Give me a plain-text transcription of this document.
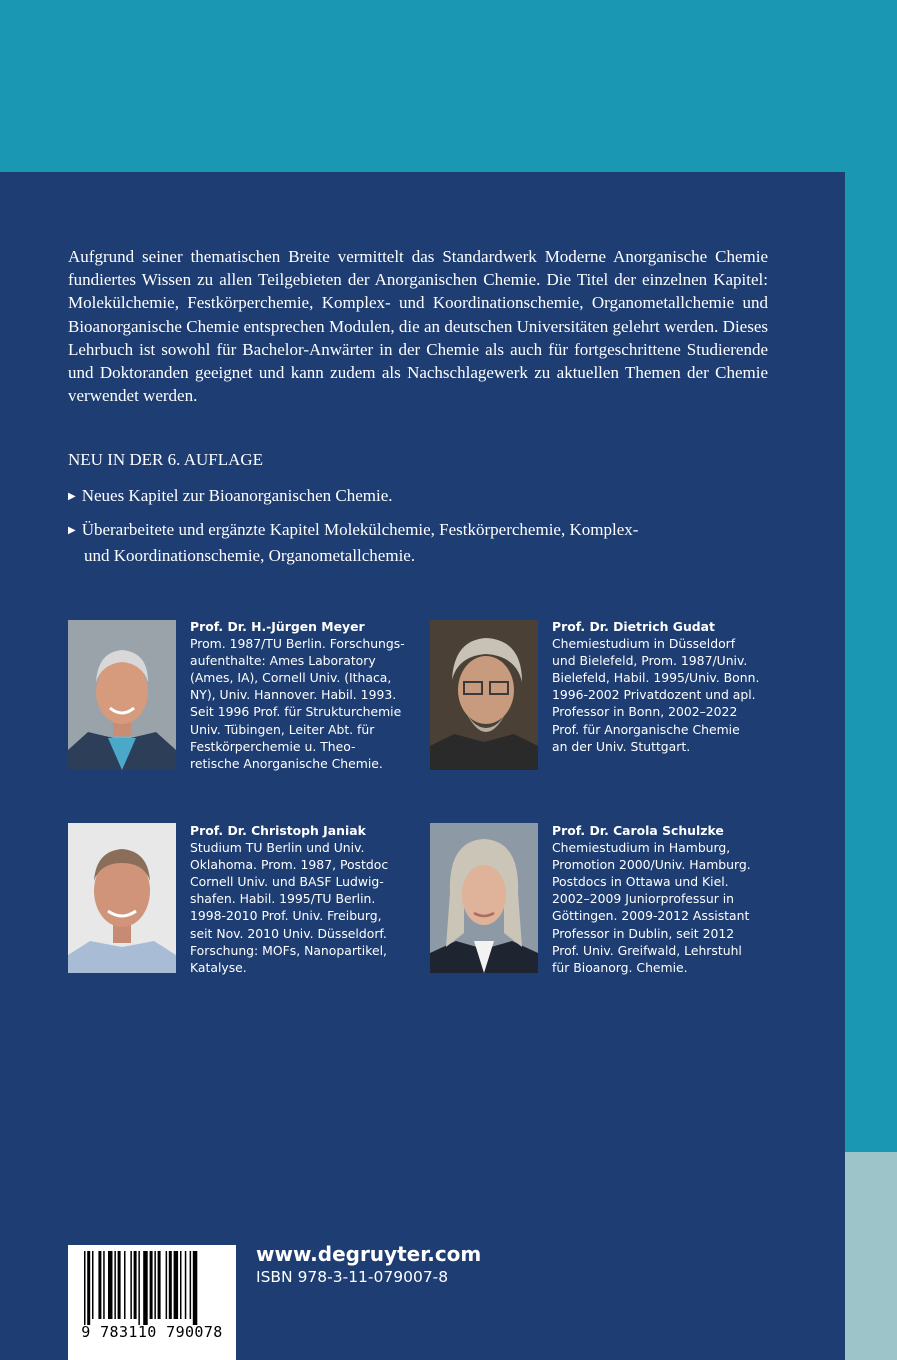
Aufgrund seiner thematischen Breite vermittelt das Standardwerk Moderne Anorganische Chemie fundiertes Wissen zu allen Teilgebieten der Anorganischen Chemie. Die Titel der einzelnen Kapitel: Molekülchemie, Festkörperchemie, Komplex- und Koordinationschemie, Organometallchemie und Bioanorganische Chemie entsprechen Modulen, die an deutschen Universitäten gelehrt werden. Dieses Lehrbuch ist sowohl für Bachelor-Anwärter in der Chemie als auch für fortgeschrittene Studierende und Doktoranden geeignet und kann zudem als Nachschlagewerk zu aktuellen Themen der Chemie verwendet werden.

NEU IN DER 6. AUFLAGE

▶ Neues Kapitel zur Bioanorganischen Chemie.

▶ Überarbeitete und ergänzte Kapitel Molekülchemie, Festkörperchemie, Komplex-
und Koordinationschemie, Organometallchemie.

Prof. Dr. H.-Jürgen Meyer
Prom. 1987/TU Berlin. Forschungs-
aufenthalte: Ames Laboratory
(Ames, IA), Cornell Univ. (Ithaca,
NY), Univ. Hannover. Habil. 1993.
Seit 1996 Prof. für Strukturchemie
Univ. Tübingen, Leiter Abt. für
Festkörperchemie u. Theo-
retische Anorganische Chemie.

Prof. Dr. Dietrich Gudat
Chemiestudium in Düsseldorf
und Bielefeld, Prom. 1987/Univ.
Bielefeld, Habil. 1995/Univ. Bonn.
1996-2002 Privatdozent und apl.
Professor in Bonn, 2002–2022
Prof. für Anorganische Chemie
an der Univ. Stuttgart.

Prof. Dr. Christoph Janiak
Studium TU Berlin und Univ.
Oklahoma. Prom. 1987, Postdoc
Cornell Univ. und BASF Ludwig-
shafen. Habil. 1995/TU Berlin.
1998-2010 Prof. Univ. Freiburg,
seit Nov. 2010 Univ. Düsseldorf.
Forschung: MOFs, Nanopartikel,
Katalyse.

Prof. Dr. Carola Schulzke
Chemiestudium in Hamburg,
Promotion 2000/Univ. Hamburg.
Postdocs in Ottawa und Kiel.
2002–2009 Juniorprofessur in
Göttingen. 2009-2012 Assistant
Professor in Dublin, seit 2012
Prof. Univ. Greifwald, Lehrstuhl
für Bioanorg. Chemie.

9 783110 790078
www.degruyter.com
ISBN 978-3-11-079007-8
